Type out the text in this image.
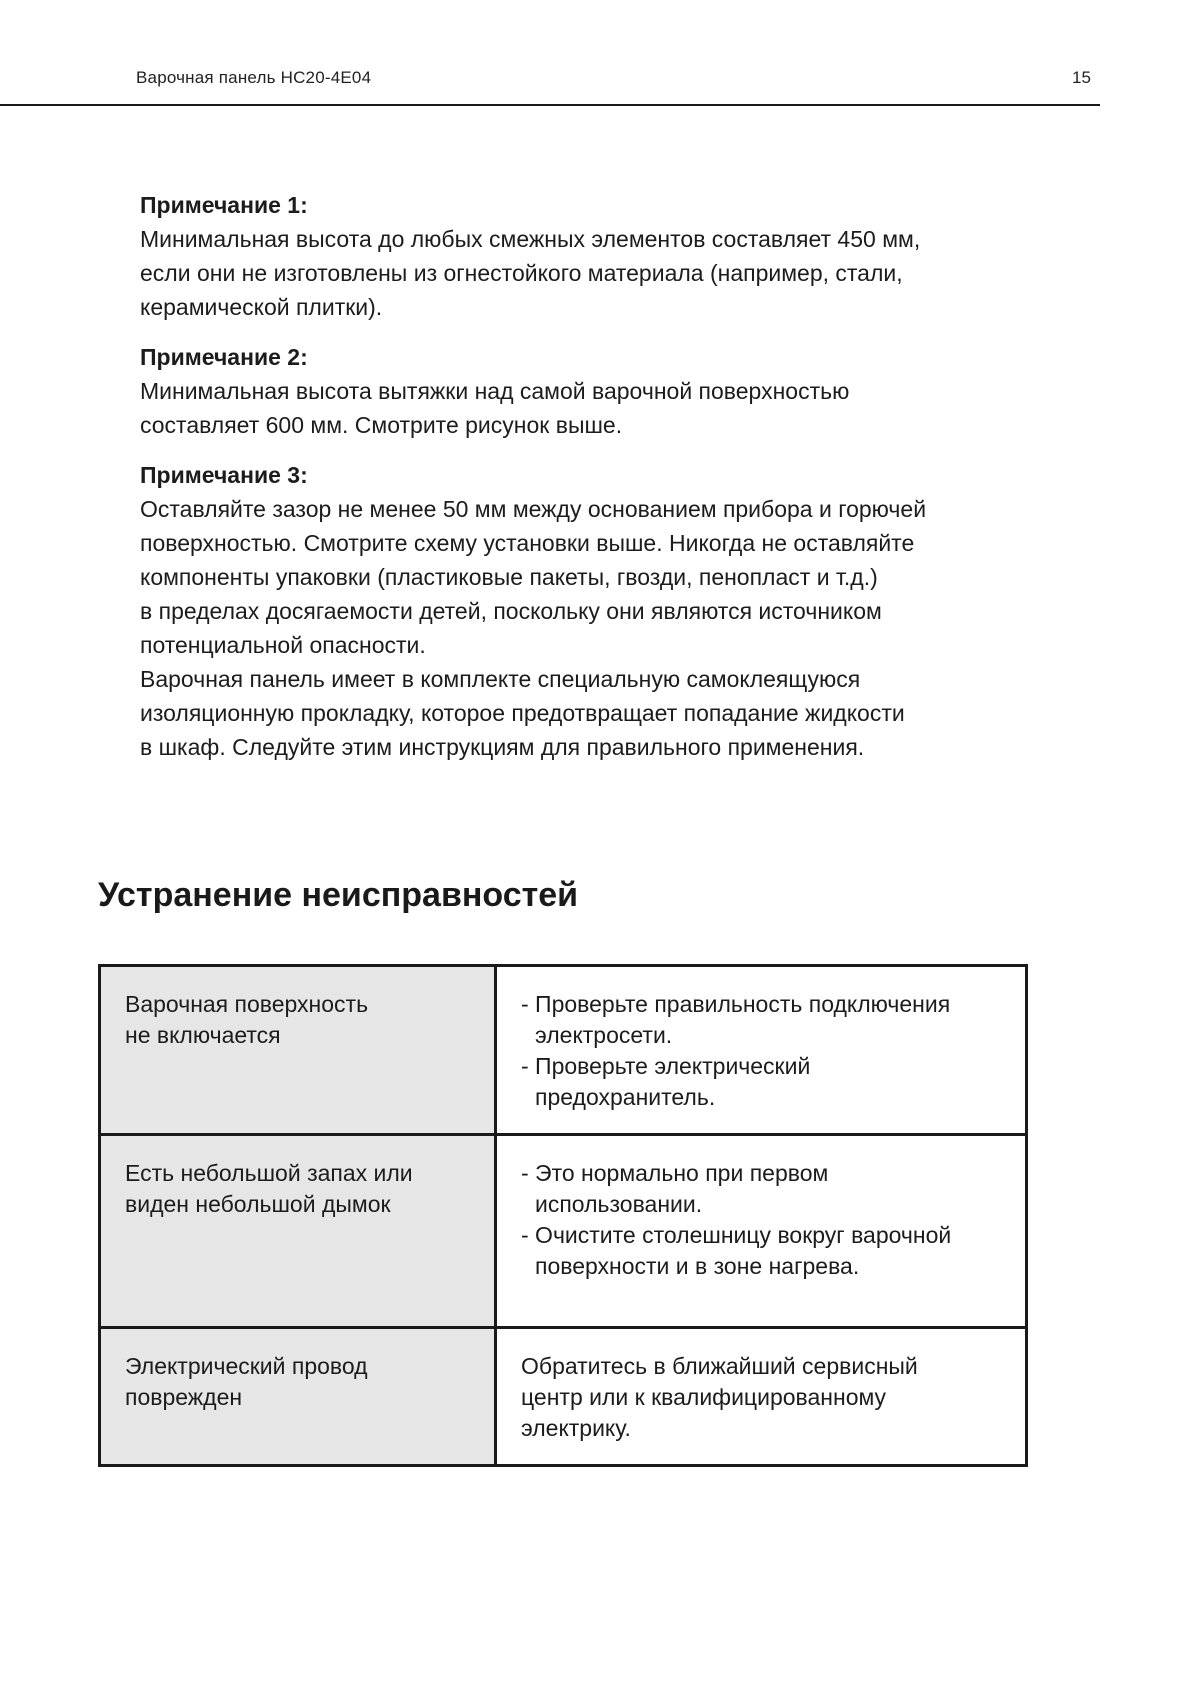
Варочная панель HC20-4E04	15
Примечание 1:
Минимальная высота до любых смежных элементов составляет 450 мм,
если они не изготовлены из огнестойкого материала (например, стали,
керамической плитки).
Примечание 2:
Минимальная высота вытяжки над самой варочной поверхностью
составляет 600 мм. Смотрите рисунок выше.
Примечание 3:
Оставляйте зазор не менее 50 мм между основанием прибора и горючей
поверхностью. Смотрите схему установки выше. Никогда не оставляйте
компоненты упаковки (пластиковые пакеты, гвозди, пенопласт и т.д.)
в пределах досягаемости детей, поскольку они являются источником
потенциальной опасности.
Варочная панель имеет в комплекте специальную самоклеящуюся
изоляционную прокладку, которое предотвращает попадание жидкости
в шкаф. Следуйте этим инструкциям для правильного применения.
Устранение неисправностей
Варочная поверхность
не включается	- Проверьте правильность подключения
электросети.
- Проверьте электрический
предохранитель.

Есть небольшой запах или
виден небольшой дымок	- Это нормально при первом
использовании.
- Очистите столешницу вокруг варочной
поверхности и в зоне нагрева.

Электрический провод
поврежден	Обратитесь в ближайший сервисный
центр или к квалифицированному
электрику.
